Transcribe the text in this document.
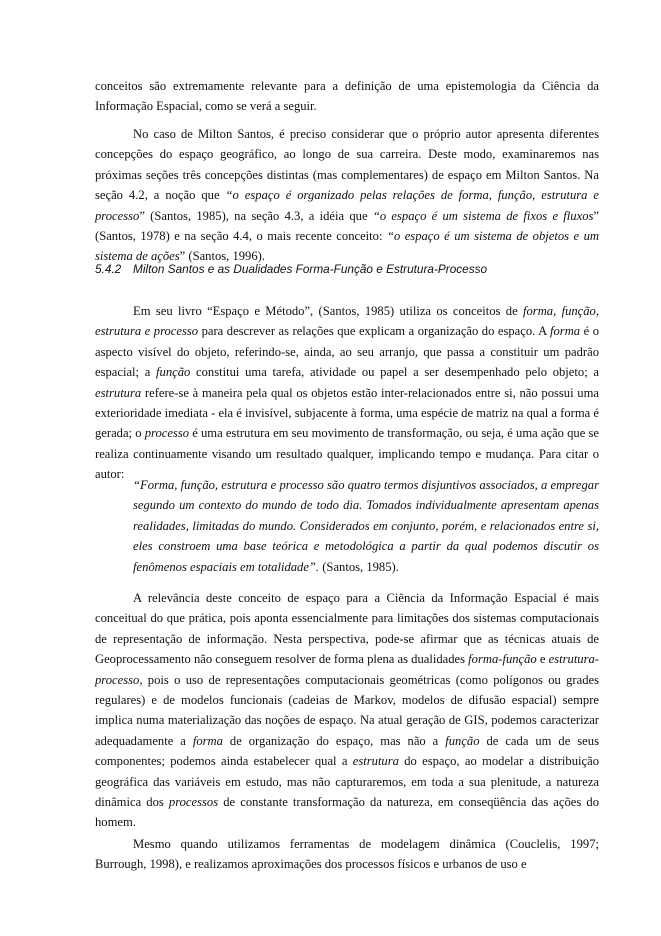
conceitos são extremamente relevante para a definição de uma epistemologia da Ciência da Informação Espacial, como se verá a seguir.

No caso de Milton Santos, é preciso considerar que o próprio autor apresenta diferentes concepções do espaço geográfico, ao longo de sua carreira. Deste modo, examinaremos nas próximas seções três concepções distintas (mas complementares) de espaço em Milton Santos. Na seção 4.2, a noção que “o espaço é organizado pelas relações de forma, função, estrutura e processo” (Santos, 1985), na seção 4.3, a idéia que “o espaço é um sistema de fixos e fluxos” (Santos, 1978) e na seção 4.4, o mais recente conceito: “o espaço é um sistema de objetos e um sistema de ações” (Santos, 1996).

5.4.2 Milton Santos e as Dualidades Forma-Função e Estrutura-Processo

Em seu livro “Espaço e Método”, (Santos, 1985) utiliza os conceitos de forma, função, estrutura e processo para descrever as relações que explicam a organização do espaço. A forma é o aspecto visível do objeto, referindo-se, ainda, ao seu arranjo, que passa a constituir um padrão espacial; a função constitui uma tarefa, atividade ou papel a ser desempenhado pelo objeto; a estrutura refere-se à maneira pela qual os objetos estão inter-relacionados entre si, não possui uma exterioridade imediata - ela é invisível, subjacente à forma, uma espécie de matriz na qual a forma é gerada; o processo é uma estrutura em seu movimento de transformação, ou seja, é uma ação que se realiza continuamente visando um resultado qualquer, implicando tempo e mudança. Para citar o autor:

“Forma, função, estrutura e processo são quatro termos disjuntivos associados, a empregar segundo um contexto do mundo de todo dia. Tomados individualmente apresentam apenas realidades, limitadas do mundo. Considerados em conjunto, porém, e relacionados entre si, eles constroem uma base teórica e metodológica a partir da qual podemos discutir os fenômenos espaciais em totalidade”. (Santos, 1985).

A relevância deste conceito de espaço para a Ciência da Informação Espacial é mais conceitual do que prática, pois aponta essencialmente para limitações dos sistemas computacionais de representação de informação. Nesta perspectiva, pode-se afirmar que as técnicas atuais de Geoprocessamento não conseguem resolver de forma plena as dualidades forma-função e estrutura-processo, pois o uso de representações computacionais geométricas (como polígonos ou grades regulares) e de modelos funcionais (cadeias de Markov, modelos de difusão espacial) sempre implica numa materialização das noções de espaço. Na atual geração de GIS, podemos caracterizar adequadamente a forma de organização do espaço, mas não a função de cada um de seus componentes; podemos ainda estabelecer qual a estrutura do espaço, ao modelar a distribuição geográfica das variáveis em estudo, mas não capturaremos, em toda a sua plenitude, a natureza dinâmica dos processos de constante transformação da natureza, em conseqüência das ações do homem.

Mesmo quando utilizamos ferramentas de modelagem dinâmica (Couclelis, 1997; Burrough, 1998), e realizamos aproximações dos processos físicos e urbanos de uso e
